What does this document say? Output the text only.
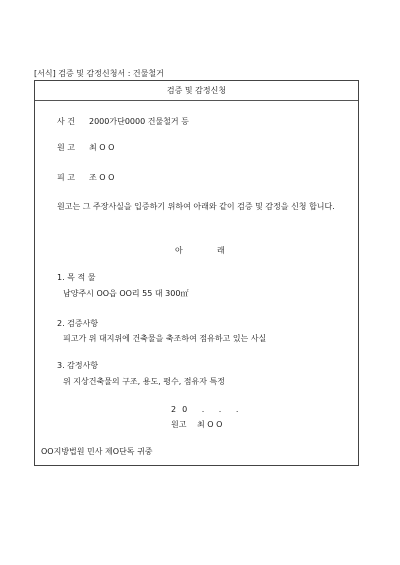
[서식] 검증 및 감정신청서 : 건물철거
검증 및 감정신청
사 건 2000가단0000 건물철거 등
원 고 최 O O
피 고 조 O O
원고는 그 주장사실을 입증하기 위하여 아래와 같이 검증 및 감정을 신청 합니다.
아	래
1. 목 적 물
남양주시 OO읍 OO리 55 대 300㎡
2. 검증사항
피고가 위 대지위에 건축물을 축조하여 점유하고 있는 사실
3. 감정사항
위 지상건축물의 구조, 용도, 평수, 점유자 특정
20 . . .
원고 최 O O
OO지방법원 민사 제O단독 귀중
